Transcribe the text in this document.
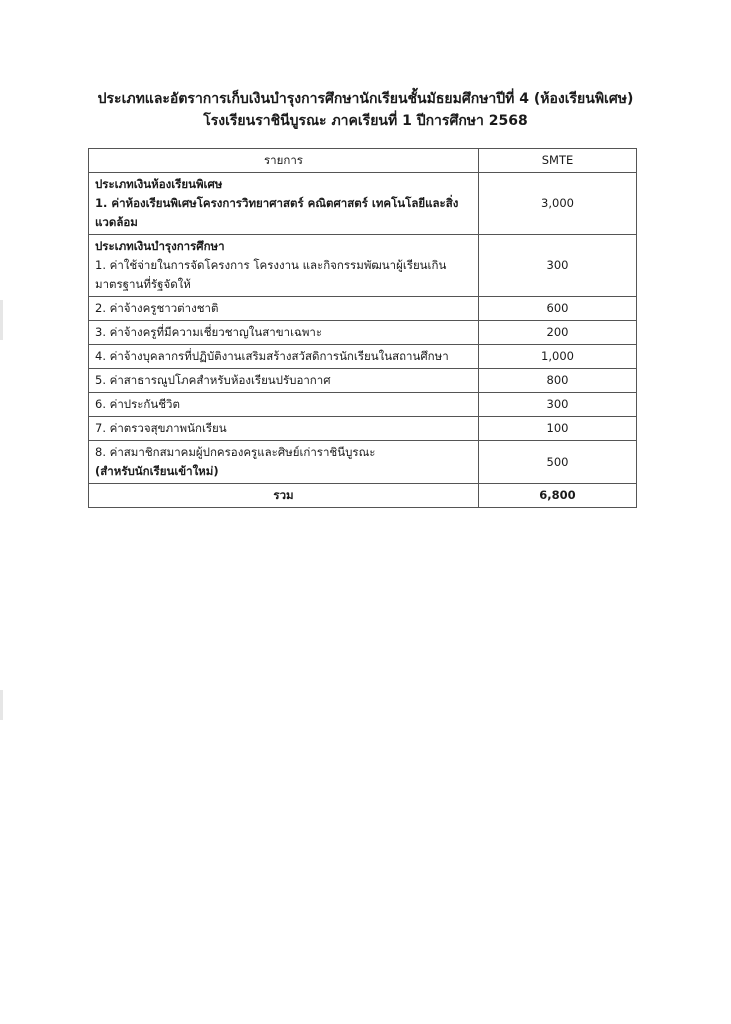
ประเภทและอัตราการเก็บเงินบำรุงการศึกษานักเรียนชั้นมัธยมศึกษาปีที่ 4 (ห้องเรียนพิเศษ)
โรงเรียนราชินีบูรณะ ภาคเรียนที่ 1 ปีการศึกษา 2568
รายการ	SMTE

ประเภทเงินห้องเรียนพิเศษ
1. ค่าห้องเรียนพิเศษโครงการวิทยาศาสตร์ คณิตศาสตร์ เทคโนโลยีและสิ่งแวดล้อม	3,000

ประเภทเงินบำรุงการศึกษา
1. ค่าใช้จ่ายในการจัดโครงการ โครงงาน และกิจกรรมพัฒนาผู้เรียนเกินมาตรฐานที่รัฐจัดให้	300
2. ค่าจ้างครูชาวต่างชาติ	600
3. ค่าจ้างครูที่มีความเชี่ยวชาญในสาขาเฉพาะ	200
4. ค่าจ้างบุคลากรที่ปฏิบัติงานเสริมสร้างสวัสดิการนักเรียนในสถานศึกษา	1,000
5. ค่าสาธารณูปโภคสำหรับห้องเรียนปรับอากาศ	800
6. ค่าประกันชีวิต	300
7. ค่าตรวจสุขภาพนักเรียน	100

8. ค่าสมาชิกสมาคมผู้ปกครองครูและศิษย์เก่าราชินีบูรณะ
(สำหรับนักเรียนเข้าใหม่)	500
รวม	6,800
